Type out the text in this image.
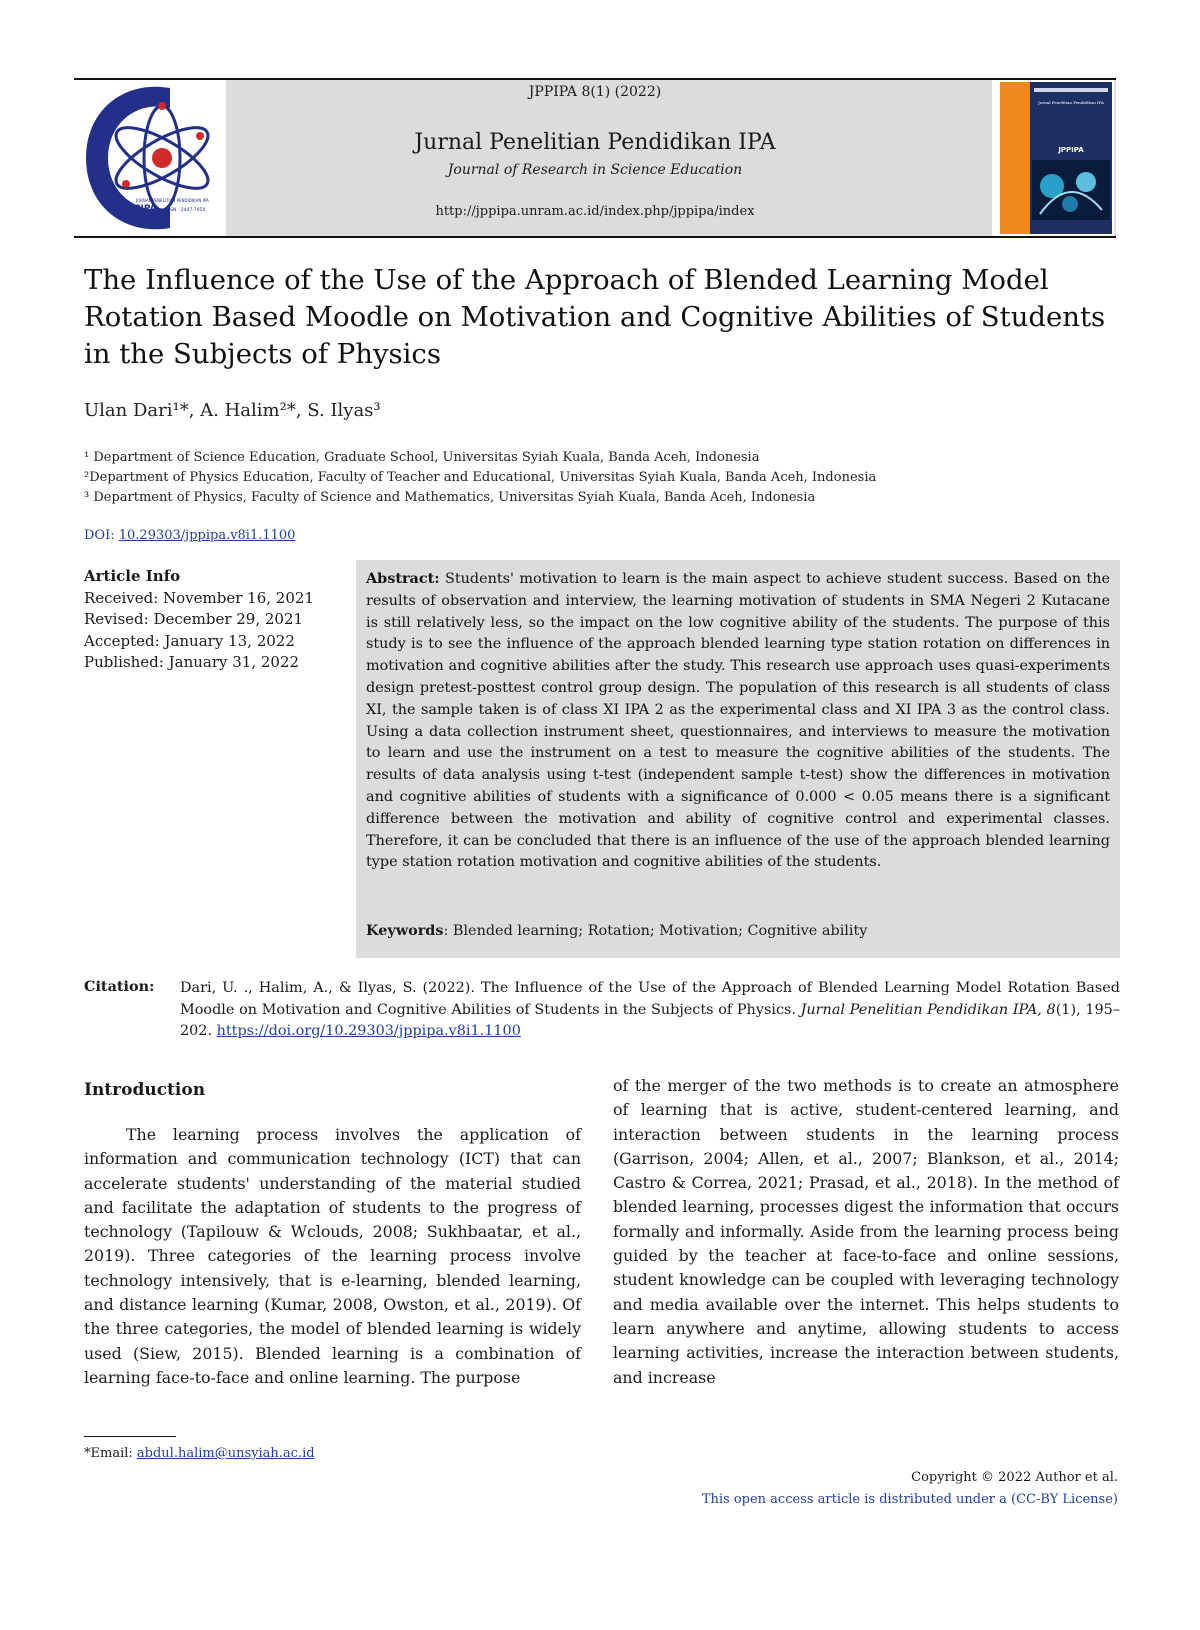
JURNAL PENELITIAN PENDIDIKAN IPA
JPPIPA ISSN : 2407-795X
JPPIPA 8(1) (2022)
Jurnal Penelitian Pendidikan IPA
Journal of Research in Science Education
http://jppipa.unram.ac.id/index.php/jppipa/index
Jurnal Penelitian Pendidikan IPA
JPPIPA
The Influence of the Use of the Approach of Blended Learning Model Rotation Based Moodle on Motivation and Cognitive Abilities of Students in the Subjects of Physics
Ulan Dari¹*, A. Halim²*, S. Ilyas³
¹ Department of Science Education, Graduate School, Universitas Syiah Kuala, Banda Aceh, Indonesia
²Department of Physics Education, Faculty of Teacher and Educational, Universitas Syiah Kuala, Banda Aceh, Indonesia
³ Department of Physics, Faculty of Science and Mathematics, Universitas Syiah Kuala, Banda Aceh, Indonesia
DOI: 10.29303/jppipa.v8i1.1100
Article Info
Received: November 16, 2021
Revised: December 29, 2021
Accepted: January 13, 2022
Published: January 31, 2022
Abstract: Students' motivation to learn is the main aspect to achieve student success. Based on the results of observation and interview, the learning motivation of students in SMA Negeri 2 Kutacane is still relatively less, so the impact on the low cognitive ability of the students. The purpose of this study is to see the influence of the approach blended learning type station rotation on differences in motivation and cognitive abilities after the study. This research use approach uses quasi-experiments design pretest-posttest control group design. The population of this research is all students of class XI, the sample taken is of class XI IPA 2 as the experimental class and XI IPA 3 as the control class. Using a data collection instrument sheet, questionnaires, and interviews to measure the motivation to learn and use the instrument on a test to measure the cognitive abilities of the students. The results of data analysis using t-test (independent sample t-test) show the differences in motivation and cognitive abilities of students with a significance of 0.000 < 0.05 means there is a significant difference between the motivation and ability of cognitive control and experimental classes. Therefore, it can be concluded that there is an influence of the use of the approach blended learning type station rotation motivation and cognitive abilities of the students.
Keywords: Blended learning; Rotation; Motivation; Cognitive ability
Citation: Dari, U. ., Halim, A., & Ilyas, S. (2022). The Influence of the Use of the Approach of Blended Learning Model Rotation Based Moodle on Motivation and Cognitive Abilities of Students in the Subjects of Physics. Jurnal Penelitian Pendidikan IPA, 8(1), 195–202. https://doi.org/10.29303/jppipa.v8i1.1100
Introduction
The learning process involves the application of information and communication technology (ICT) that can accelerate students' understanding of the material studied and facilitate the adaptation of students to the progress of technology (Tapilouw & Wclouds, 2008; Sukhbaatar, et al., 2019). Three categories of the learning process involve technology intensively, that is e-learning, blended learning, and distance learning (Kumar, 2008, Owston, et al., 2019). Of the three categories, the model of blended learning is widely used (Siew, 2015). Blended learning is a combination of learning face-to-face and online learning. The purpose
of the merger of the two methods is to create an atmosphere of learning that is active, student-centered learning, and interaction between students in the learning process (Garrison, 2004; Allen, et al., 2007; Blankson, et al., 2014; Castro & Correa, 2021; Prasad, et al., 2018). In the method of blended learning, processes digest the information that occurs formally and informally. Aside from the learning process being guided by the teacher at face-to-face and online sessions, student knowledge can be coupled with leveraging technology and media available over the internet. This helps students to learn anywhere and anytime, allowing students to access learning activities, increase the interaction between students, and increase
*Email: abdul.halim@unsyiah.ac.id
Copyright © 2022 Author et al.
This open access article is distributed under a (CC-BY License)
